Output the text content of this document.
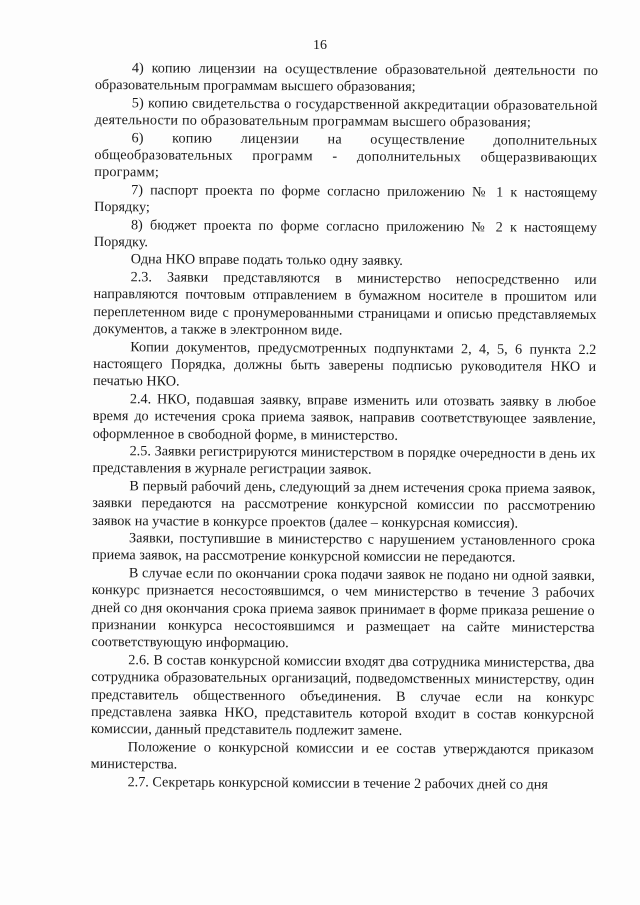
16

4) копию лицензии на осуществление образовательной деятельности по образовательным программам высшего образования;

5) копию свидетельства о государственной аккредитации образовательной деятельности по образовательным программам высшего образования;

6) копию лицензии на осуществление дополнительных общеобразовательных программ - дополнительных общеразвивающих программ;

7) паспорт проекта по форме согласно приложению № 1 к настоящему Порядку;

8) бюджет проекта по форме согласно приложению № 2 к настоящему Порядку.

Одна НКО вправе подать только одну заявку.

2.3. Заявки представляются в министерство непосредственно или направляются почтовым отправлением в бумажном носителе в прошитом или переплетенном виде с пронумерованными страницами и описью представляемых документов, а также в электронном виде.

Копии документов, предусмотренных подпунктами 2, 4, 5, 6 пункта 2.2 настоящего Порядка, должны быть заверены подписью руководителя НКО и печатью НКО.

2.4. НКО, подавшая заявку, вправе изменить или отозвать заявку в любое время до истечения срока приема заявок, направив соответствующее заявление, оформленное в свободной форме, в министерство.

2.5. Заявки регистрируются министерством в порядке очередности в день их представления в журнале регистрации заявок.

В первый рабочий день, следующий за днем истечения срока приема заявок, заявки передаются на рассмотрение конкурсной комиссии по рассмотрению заявок на участие в конкурсе проектов (далее – конкурсная комиссия).

Заявки, поступившие в министерство с нарушением установленного срока приема заявок, на рассмотрение конкурсной комиссии не передаются.

В случае если по окончании срока подачи заявок не подано ни одной заявки, конкурс признается несостоявшимся, о чем министерство в течение 3 рабочих дней со дня окончания срока приема заявок принимает в форме приказа решение о признании конкурса несостоявшимся и размещает на сайте министерства соответствующую информацию.

2.6. В состав конкурсной комиссии входят два сотрудника министерства, два сотрудника образовательных организаций, подведомственных министерству, один представитель общественного объединения. В случае если на конкурс представлена заявка НКО, представитель которой входит в состав конкурсной комиссии, данный представитель подлежит замене.

Положение о конкурсной комиссии и ее состав утверждаются приказом министерства.

2.7. Секретарь конкурсной комиссии в течение 2 рабочих дней со дня
